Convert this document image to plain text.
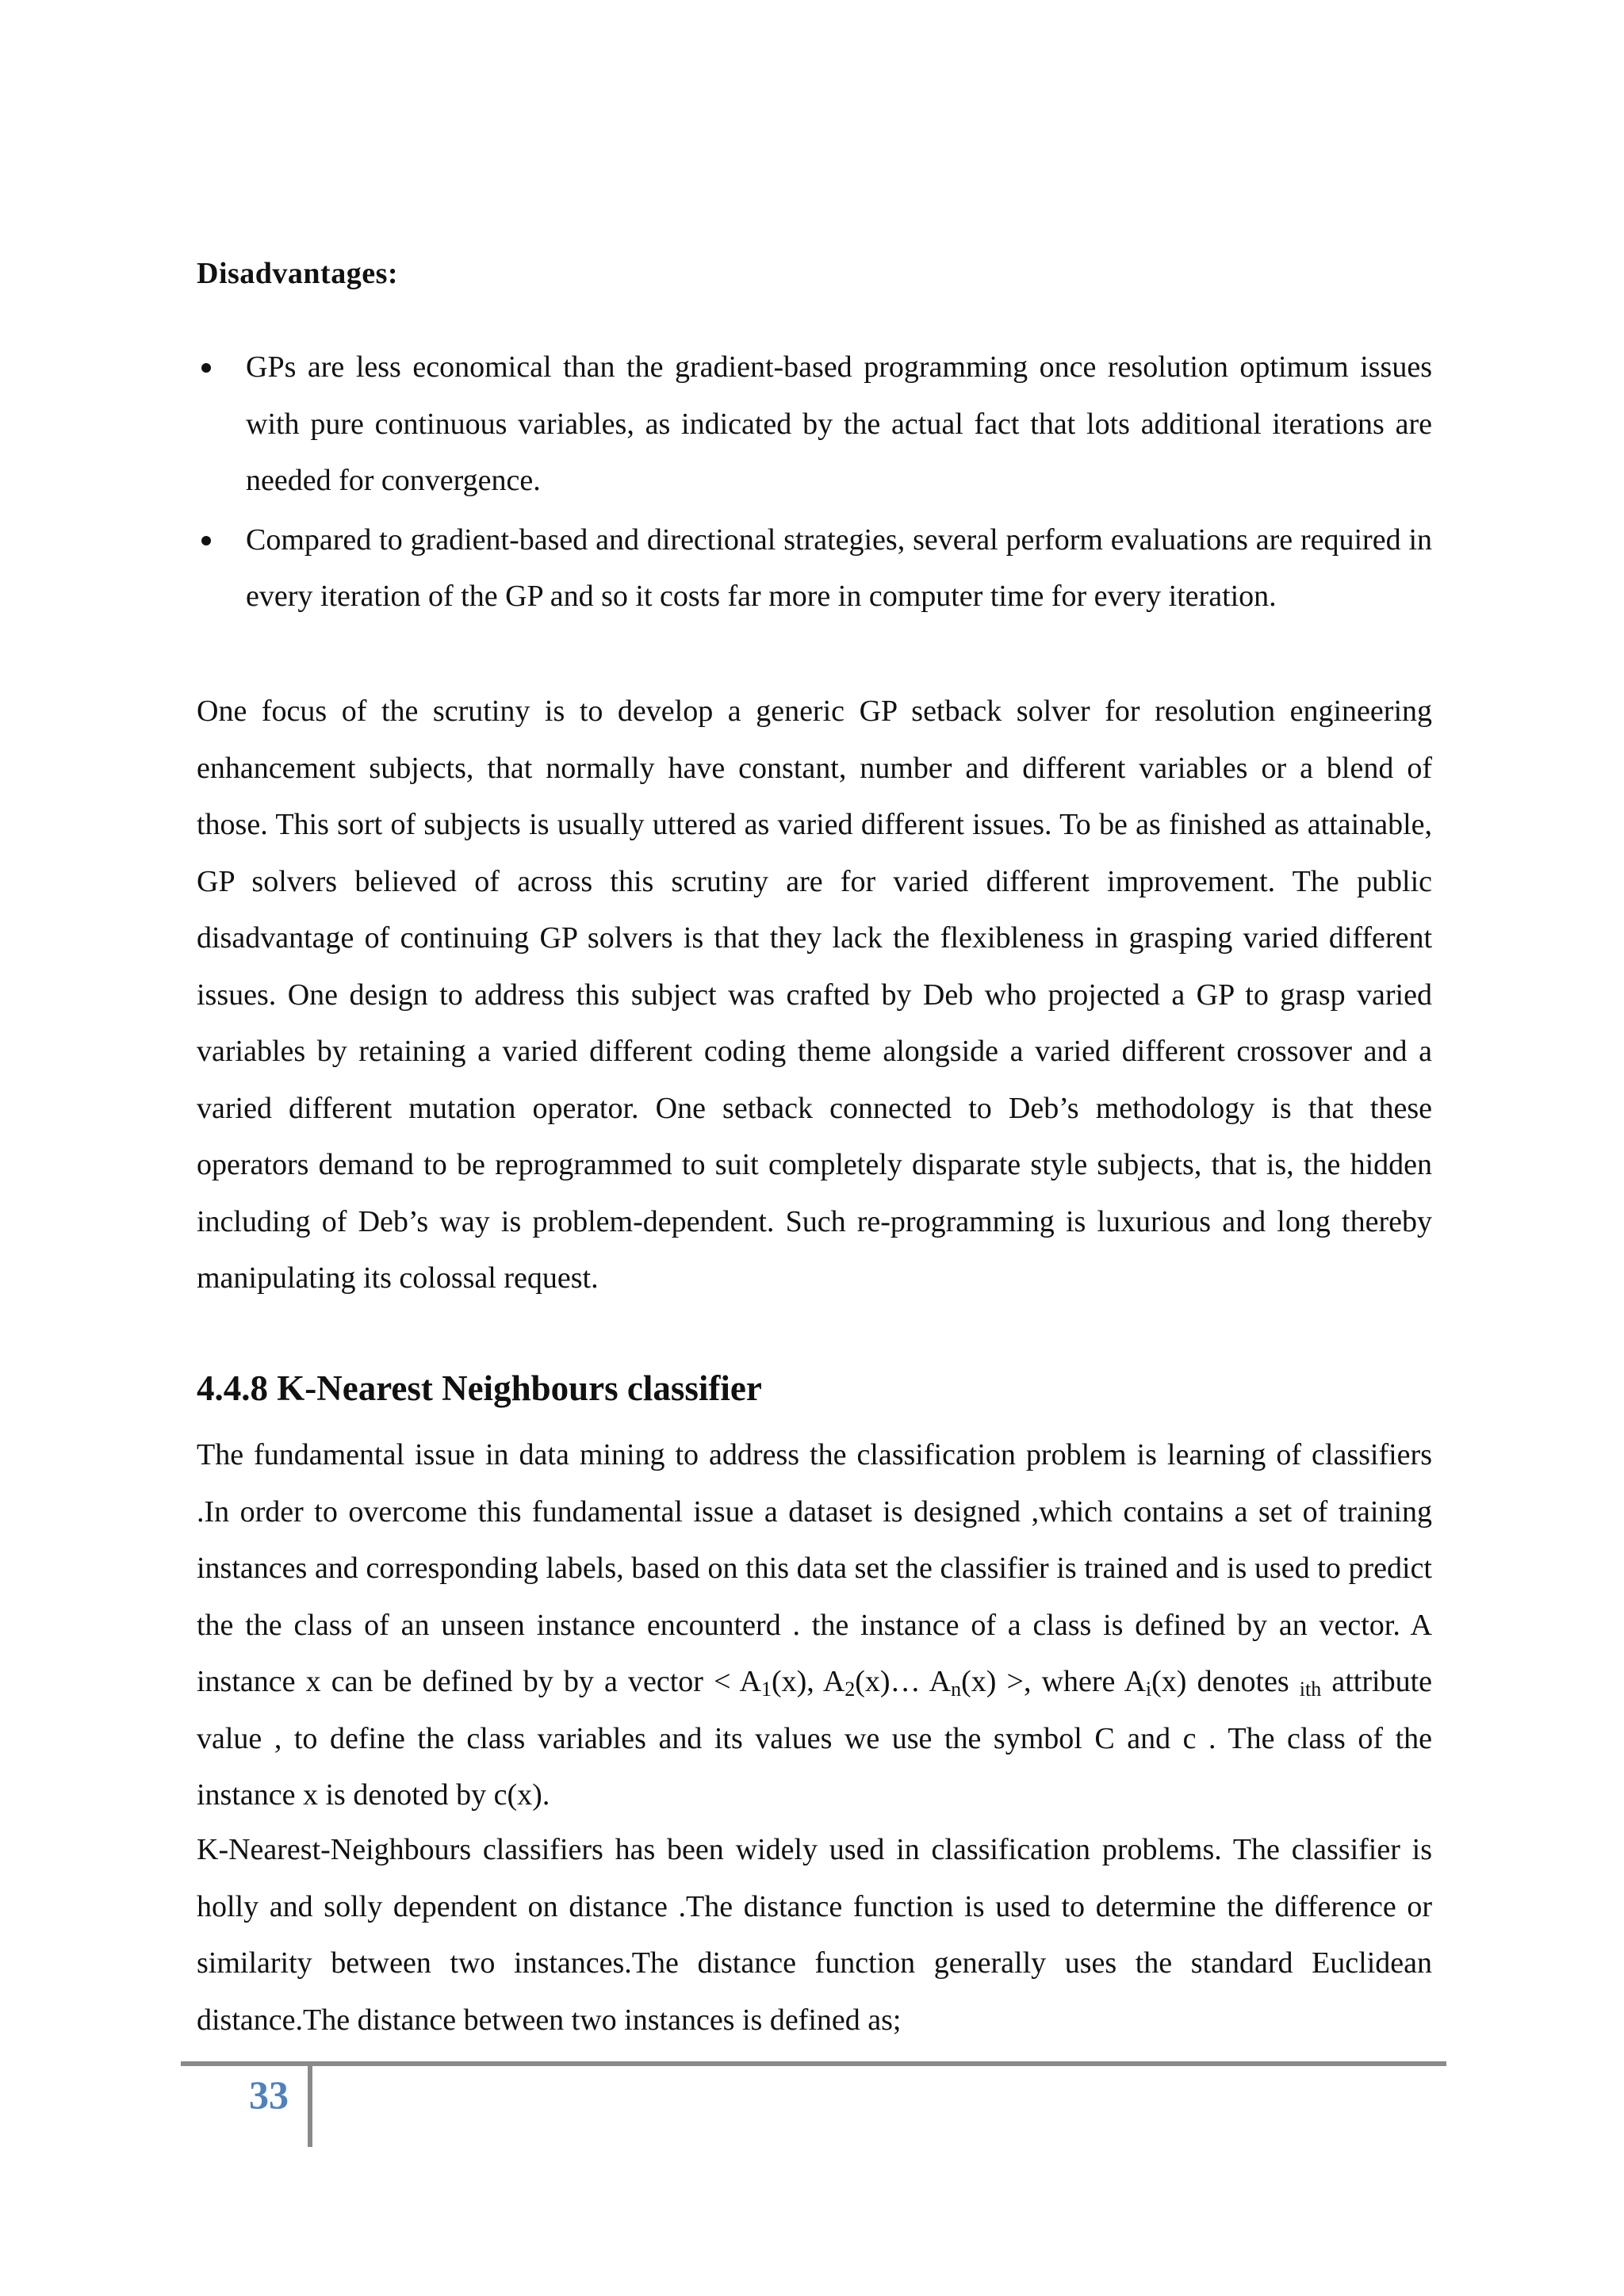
Disadvantages:
GPs are less economical than the gradient-based programming once resolution optimum issues with pure continuous variables, as indicated by the actual fact that lots additional iterations are needed for convergence.
Compared to gradient-based and directional strategies, several perform evaluations are required in every iteration of the GP and so it costs far more in computer time for every iteration.

One focus of the scrutiny is to develop a generic GP setback solver for resolution engineering enhancement subjects, that normally have constant, number and different variables or a blend of those. This sort of subjects is usually uttered as varied different issues. To be as finished as attainable, GP solvers believed of across this scrutiny are for varied different improvement. The public disadvantage of continuing GP solvers is that they lack the flexibleness in grasping varied different issues. One design to address this subject was crafted by Deb who projected a GP to grasp varied variables by retaining a varied different coding theme alongside a varied different crossover and a varied different mutation operator. One setback connected to Deb’s methodology is that these operators demand to be reprogrammed to suit completely disparate style subjects, that is, the hidden including of Deb’s way is problem-dependent. Such re-programming is luxurious and long thereby manipulating its colossal request.

4.4.8 K-Nearest Neighbours classifier

The fundamental issue in data mining to address the classification problem is learning of classifiers .In order to overcome this fundamental issue a dataset is designed ,which contains a set of training instances and corresponding labels, based on this data set the classifier is trained and is used to predict the the class of an unseen instance encounterd . the instance of a class is defined by an vector. A instance x can be defined by by a vector < $A_1(x)$, $A_2(x)\dots$ $A_n(x)$ >, where $A_i(x)$ denotes $_{ith}$ attribute value , to define the class variables and its values we use the symbol C and c . The class of the instance x is denoted by c(x).

K-Nearest-Neighbours classifiers has been widely used in classification problems. The classifier is holly and solly dependent on distance .The distance function is used to determine the difference or similarity between two instances.The distance function generally uses the standard Euclidean distance.The distance between two instances is defined as;

33
